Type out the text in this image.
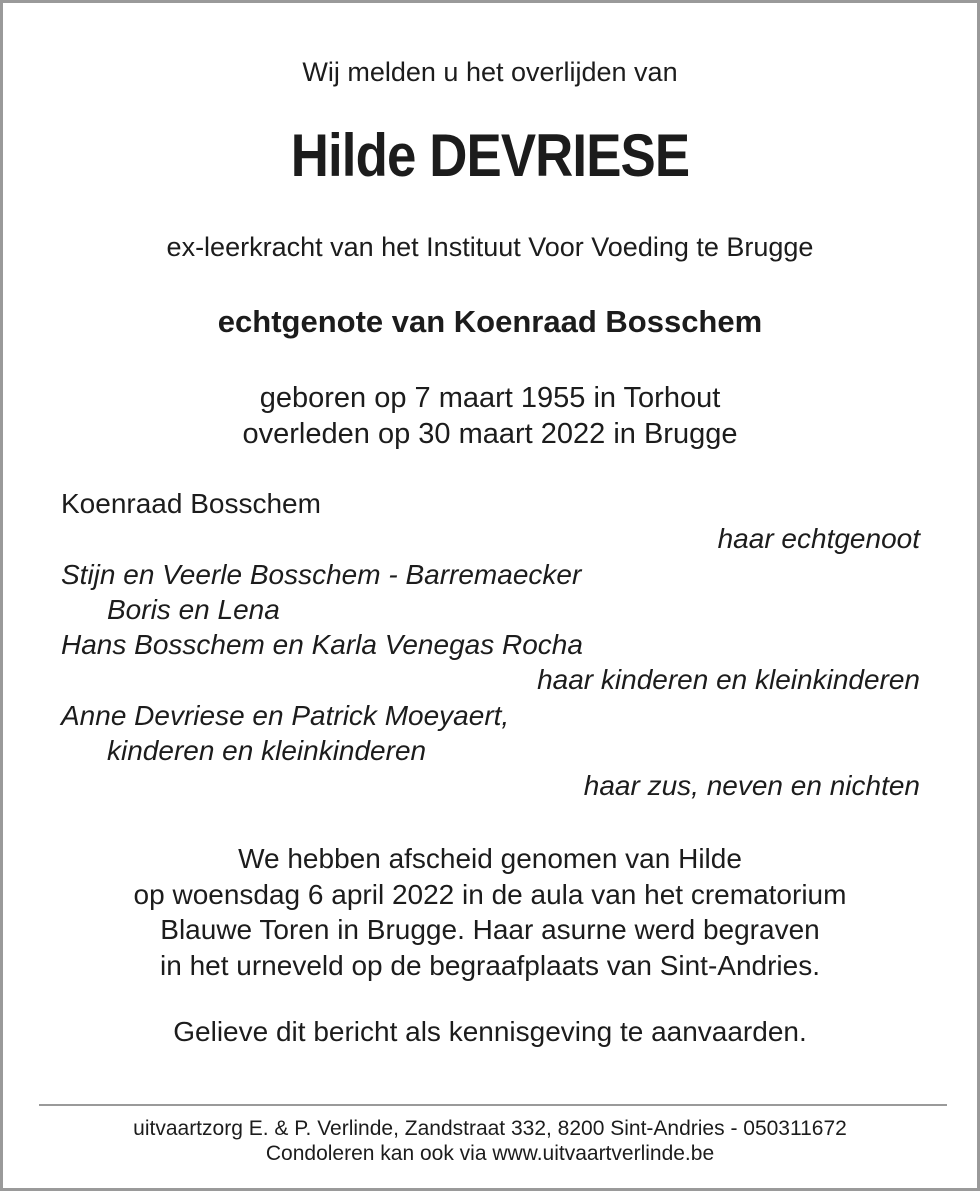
Wij melden u het overlijden van
Hilde DEVRIESE
ex-leerkracht van het Instituut Voor Voeding te Brugge
echtgenote van Koenraad Bosschem
geboren op 7 maart 1955 in Torhout
overleden op 30 maart 2022 in Brugge
Koenraad Bosschem
haar echtgenoot
Stijn en Veerle Bosschem - Barremaecker
Boris en Lena
Hans Bosschem en Karla Venegas Rocha
haar kinderen en kleinkinderen
Anne Devriese en Patrick Moeyaert,
kinderen en kleinkinderen
haar zus, neven en nichten
We hebben afscheid genomen van Hilde
op woensdag 6 april 2022 in de aula van het crematorium
Blauwe Toren in Brugge. Haar asurne werd begraven
in het urneveld op de begraafplaats van Sint-Andries.
Gelieve dit bericht als kennisgeving te aanvaarden.
uitvaartzorg E. & P. Verlinde, Zandstraat 332, 8200 Sint-Andries - 050311672
Condoleren kan ook via www.uitvaartverlinde.be
